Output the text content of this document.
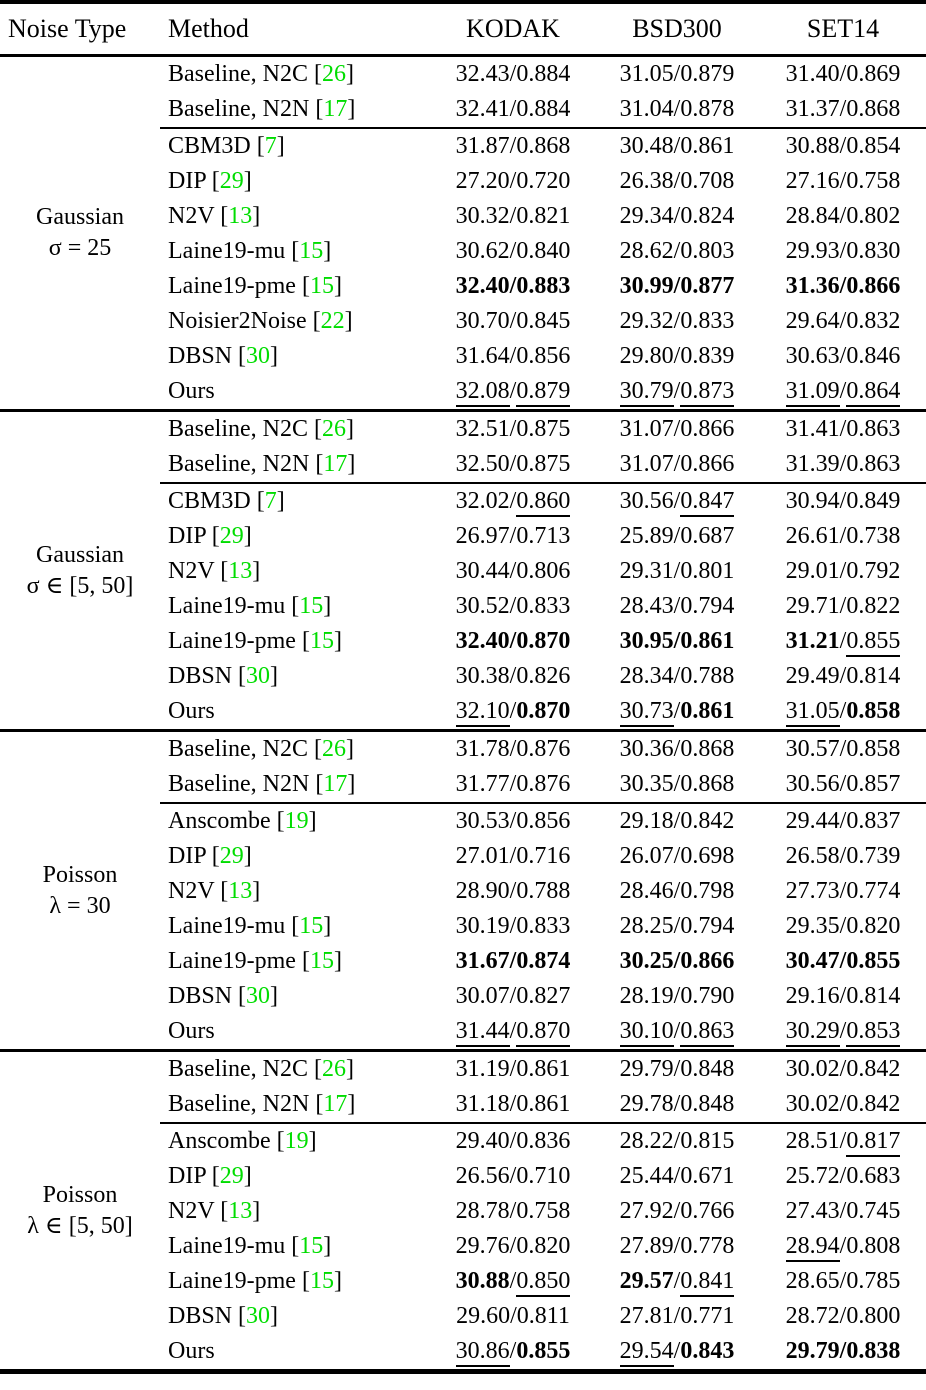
Noise Type	Method	KODAK	BSD300	SET14

Gaussian
σ = 25	Baseline, N2C [26]	32.43/0.884	31.05/0.879	31.40/0.869
	Baseline, N2N [17]	32.41/0.884	31.04/0.878	31.37/0.868
	CBM3D [7]	31.87/0.868	30.48/0.861	30.88/0.854
	DIP [29]	27.20/0.720	26.38/0.708	27.16/0.758
	N2V [13]	30.32/0.821	29.34/0.824	28.84/0.802
	Laine19-mu [15]	30.62/0.840	28.62/0.803	29.93/0.830
	Laine19-pme [15]	32.40/0.883	30.99/0.877	31.36/0.866
	Noisier2Noise [22]	30.70/0.845	29.32/0.833	29.64/0.832
	DBSN [30]	31.64/0.856	29.80/0.839	30.63/0.846
	Ours	32.08/0.879	30.79/0.873	31.09/0.864

Gaussian
σ ∈ [5, 50]	Baseline, N2C [26]	32.51/0.875	31.07/0.866	31.41/0.863
	Baseline, N2N [17]	32.50/0.875	31.07/0.866	31.39/0.863
	CBM3D [7]	32.02/0.860	30.56/0.847	30.94/0.849
	DIP [29]	26.97/0.713	25.89/0.687	26.61/0.738
	N2V [13]	30.44/0.806	29.31/0.801	29.01/0.792
	Laine19-mu [15]	30.52/0.833	28.43/0.794	29.71/0.822
	Laine19-pme [15]	32.40/0.870	30.95/0.861	31.21/0.855
	DBSN [30]	30.38/0.826	28.34/0.788	29.49/0.814
	Ours	32.10/0.870	30.73/0.861	31.05/0.858

Poisson
λ = 30	Baseline, N2C [26]	31.78/0.876	30.36/0.868	30.57/0.858
	Baseline, N2N [17]	31.77/0.876	30.35/0.868	30.56/0.857
	Anscombe [19]	30.53/0.856	29.18/0.842	29.44/0.837
	DIP [29]	27.01/0.716	26.07/0.698	26.58/0.739
	N2V [13]	28.90/0.788	28.46/0.798	27.73/0.774
	Laine19-mu [15]	30.19/0.833	28.25/0.794	29.35/0.820
	Laine19-pme [15]	31.67/0.874	30.25/0.866	30.47/0.855
	DBSN [30]	30.07/0.827	28.19/0.790	29.16/0.814
	Ours	31.44/0.870	30.10/0.863	30.29/0.853

Poisson
λ ∈ [5, 50]	Baseline, N2C [26]	31.19/0.861	29.79/0.848	30.02/0.842
	Baseline, N2N [17]	31.18/0.861	29.78/0.848	30.02/0.842
	Anscombe [19]	29.40/0.836	28.22/0.815	28.51/0.817
	DIP [29]	26.56/0.710	25.44/0.671	25.72/0.683
	N2V [13]	28.78/0.758	27.92/0.766	27.43/0.745
	Laine19-mu [15]	29.76/0.820	27.89/0.778	28.94/0.808
	Laine19-pme [15]	30.88/0.850	29.57/0.841	28.65/0.785
	DBSN [30]	29.60/0.811	27.81/0.771	28.72/0.800
	Ours	30.86/0.855	29.54/0.843	29.79/0.838
